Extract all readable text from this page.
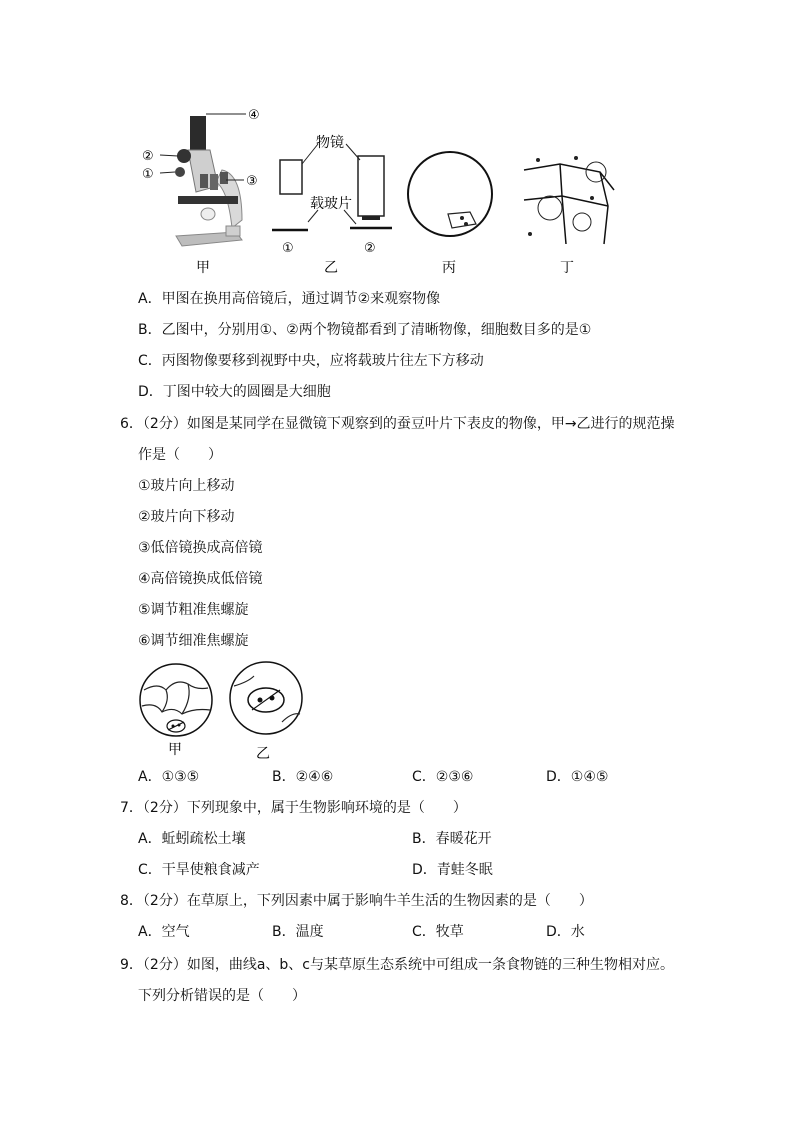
④
②
①	③
物镜
载玻片
①	②
甲	乙	丙	丁
A．甲图在换用高倍镜后，通过调节②来观察物像
B．乙图中，分别用①、②两个物镜都看到了清晰物像，细胞数目多的是①
C．丙图物像要移到视野中央，应将载玻片往左下方移动
D．丁图中较大的圆圈是大细胞
6．（2分）如图是某同学在显微镜下观察到的蚕豆叶片下表皮的物像，甲→乙进行的规范操
作是（　　）
①玻片向上移动
②玻片向下移动
③低倍镜换成高倍镜
④高倍镜换成低倍镜
⑤调节粗准焦螺旋
⑥调节细准焦螺旋
甲	乙
A．①③⑤	B．②④⑥	C．②③⑥	D．①④⑤
7．（2分）下列现象中，属于生物影响环境的是（　　）
A．蚯蚓疏松土壤	B．春暖花开
C．干旱使粮食减产	D．青蛙冬眠
8．（2分）在草原上，下列因素中属于影响牛羊生活的生物因素的是（　　）
A．空气	B．温度	C．牧草	D．水
9．（2分）如图，曲线a、b、c与某草原生态系统中可组成一条食物链的三种生物相对应。
下列分析错误的是（　　）
